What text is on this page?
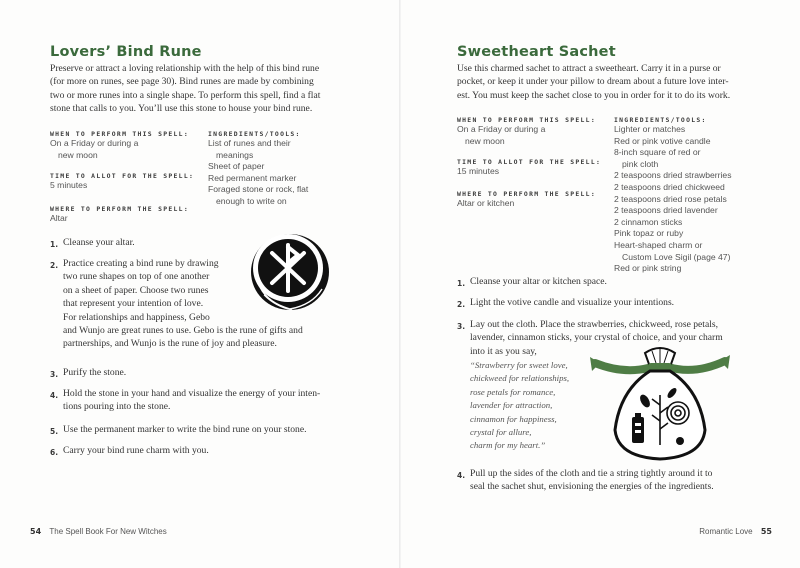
Lovers’ Bind Rune
Preserve or attract a loving relationship with the help of this bind rune
(for more on runes, see page 30). Bind runes are made by combining
two or more runes into a single shape. To perform this spell, find a flat
stone that calls to you. You’ll use this stone to house your bind rune.
WHEN TO PERFORM THIS SPELL:
On a Friday or during a
new moon
TIME TO ALLOT FOR THE SPELL:
5 minutes
WHERE TO PERFORM THE SPELL:
Altar
INGREDIENTS/TOOLS:
List of runes and their
meanings
Sheet of paper
Red permanent marker
Foraged stone or rock, flat
enough to write on
1. Cleanse your altar.
2. Practice creating a bind rune by drawing
two rune shapes on top of one another
on a sheet of paper. Choose two runes
that represent your intention of love.
For relationships and happiness, Gebo
and Wunjo are great runes to use. Gebo is the rune of gifts and
partnerships, and Wunjo is the rune of joy and pleasure.
3. Purify the stone.
4. Hold the stone in your hand and visualize the energy of your inten-
tions pouring into the stone.
5. Use the permanent marker to write the bind rune on your stone.
6. Carry your bind rune charm with you.
54 The Spell Book For New Witches
Sweetheart Sachet
Use this charmed sachet to attract a sweetheart. Carry it in a purse or
pocket, or keep it under your pillow to dream about a future love inter-
est. You must keep the sachet close to you in order for it to do its work.
WHEN TO PERFORM THIS SPELL:
On a Friday or during a
new moon
TIME TO ALLOT FOR THE SPELL:
15 minutes
WHERE TO PERFORM THE SPELL:
Altar or kitchen
INGREDIENTS/TOOLS:
Lighter or matches
Red or pink votive candle
8-inch square of red or
pink cloth
2 teaspoons dried strawberries
2 teaspoons dried chickweed
2 teaspoons dried rose petals
2 teaspoons dried lavender
2 cinnamon sticks
Pink topaz or ruby
Heart-shaped charm or
Custom Love Sigil (page 47)
Red or pink string
1. Cleanse your altar or kitchen space.
2. Light the votive candle and visualize your intentions.
3. Lay out the cloth. Place the strawberries, chickweed, rose petals,
lavender, cinnamon sticks, your crystal of choice, and your charm
into it as you say,
“Strawberry for sweet love,
chickweed for relationships,
rose petals for romance,
lavender for attraction,
cinnamon for happiness,
crystal for allure,
charm for my heart.”
4. Pull up the sides of the cloth and tie a string tightly around it to
seal the sachet shut, envisioning the energies of the ingredients.
Romantic Love 55
